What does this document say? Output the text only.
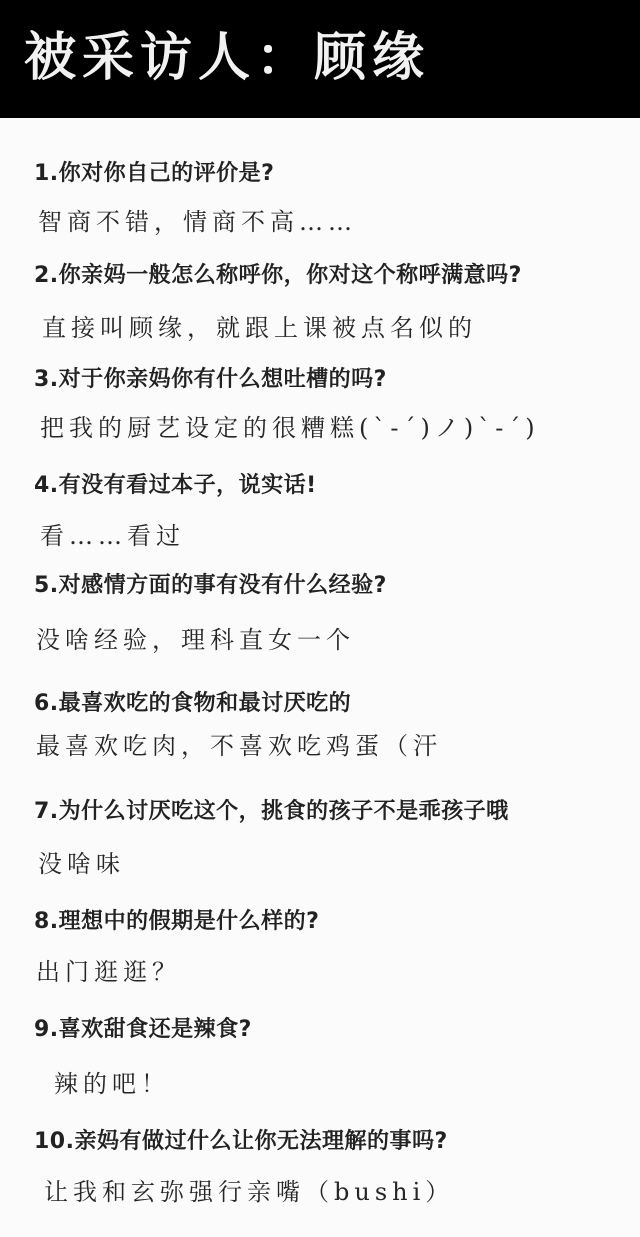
被采访人：顾缘
1.你对你自己的评价是?
智商不错，情商不高……
2.你亲妈一般怎么称呼你，你对这个称呼满意吗?
直接叫顾缘，就跟上课被点名似的
3.对于你亲妈你有什么想吐槽的吗?
把我的厨艺设定的很糟糕(`-´)ノ)`-´)
4.有没有看过本子，说实话!
看……看过
5.对感情方面的事有没有什么经验?
没啥经验，理科直女一个
6.最喜欢吃的食物和最讨厌吃的
最喜欢吃肉，不喜欢吃鸡蛋（汗
7.为什么讨厌吃这个，挑食的孩子不是乖孩子哦
没啥味
8.理想中的假期是什么样的?
出门逛逛？
9.喜欢甜食还是辣食?
辣的吧！
10.亲妈有做过什么让你无法理解的事吗?
让我和玄弥强行亲嘴（bushi）
